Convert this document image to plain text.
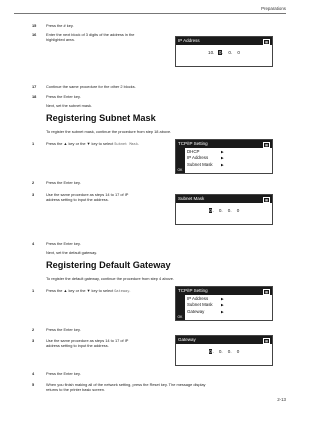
Preparations
15	Press the # key.
16	Enter the next block of 3 digits of the address in the
highlighted area.
17	Continue the same procedure for the other 2 blocks.
18	Press the Enter key.
Next, set the subnet mask.
IP Address	▦
10.   0.    0.    0
Registering Subnet Mask
To register the subnet mask, continue the procedure from step 18 above.
1	Press the ▲ key or the ▼ key to select Subnet Mask.	TCP/IP Setting	▦
OK
DHCP	▶
IP Address	▶
Subnet Mask ▶
2	Press the Enter key.
3	Use the same procedure as steps 14 to 17 of IP
address setting to input the address.	Subnet Mask	▦
0.    0.    0.    0
4	Press the Enter key.
Next, set the default gateway.
Registering Default Gateway
To register the default gateway, continue the procedure from step 4 above.
1	Press the ▲ key or the ▼ key to select Gateway.	TCP/IP Setting	▦
OK
IP Address	▶
Subnet Mask ▶
Gateway	▶
2	Press the Enter key.
3	Use the same procedure as steps 14 to 17 of IP
address setting to input the address.
Gateway	▦
0.    0.    0.    0
4	Press the Enter key.
5	When you finish making all of the network setting, press the Reset key. The message display
returns to the printer basic screen.
2-13
